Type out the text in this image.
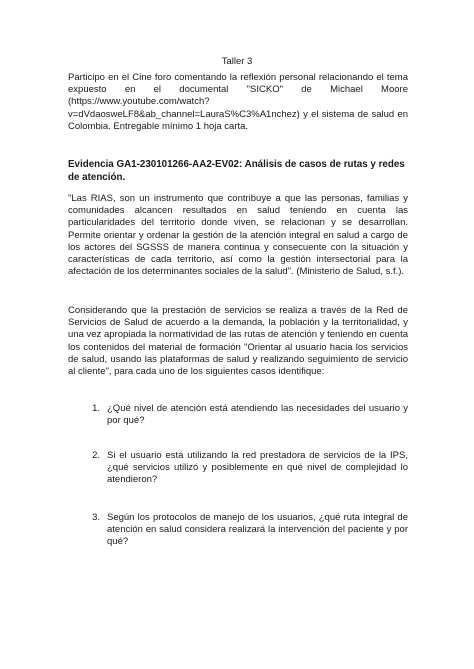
Taller 3

Participo en el Cine foro comentando la reflexión personal relacionando el tema expuesto en el documental "SICKO" de Michael Moore (https://www.youtube.com/watch?v=dVdaosweLF8&ab_channel=LauraS%C3%A1nchez) y el sistema de salud en Colombia. Entregable mínimo 1 hoja carta.

Evidencia GA1-230101266-AA2-EV02: Análisis de casos de rutas y redes de atención.

"Las RIAS, son un instrumento que contribuye a que las personas, familias y comunidades alcancen resultados en salud teniendo en cuenta las particularidades del territorio donde viven, se relacionan y se desarrollan. Permite orientar y ordenar la gestión de la atención integral en salud a cargo de los actores del SGSSS de manera continua y consecuente con la situación y características de cada territorio, así como la gestión intersectorial para la afectación de los determinantes sociales de la salud". (Ministerio de Salud, s.f.).

Considerando que la prestación de servicios se realiza a través de la Red de Servicios de Salud de acuerdo a la demanda, la población y la territorialidad, y una vez apropiada la normatividad de las rutas de atención y teniendo en cuenta los contenidos del material de formación "Orientar al usuario hacia los servicios de salud, usando las plataformas de salud y realizando seguimiento de servicio al cliente", para cada uno de los siguientes casos identifique:

1. ¿Qué nivel de atención está atendiendo las necesidades del usuario y por qué?
2. Si el usuario está utilizando la red prestadora de servicios de la IPS, ¿qué servicios utilizó y posiblemente en qué nivel de complejidad lo atendieron?
3. Según los protocolos de manejo de los usuarios, ¿qué ruta integral de atención en salud considera realizará la intervención del paciente y por qué?
